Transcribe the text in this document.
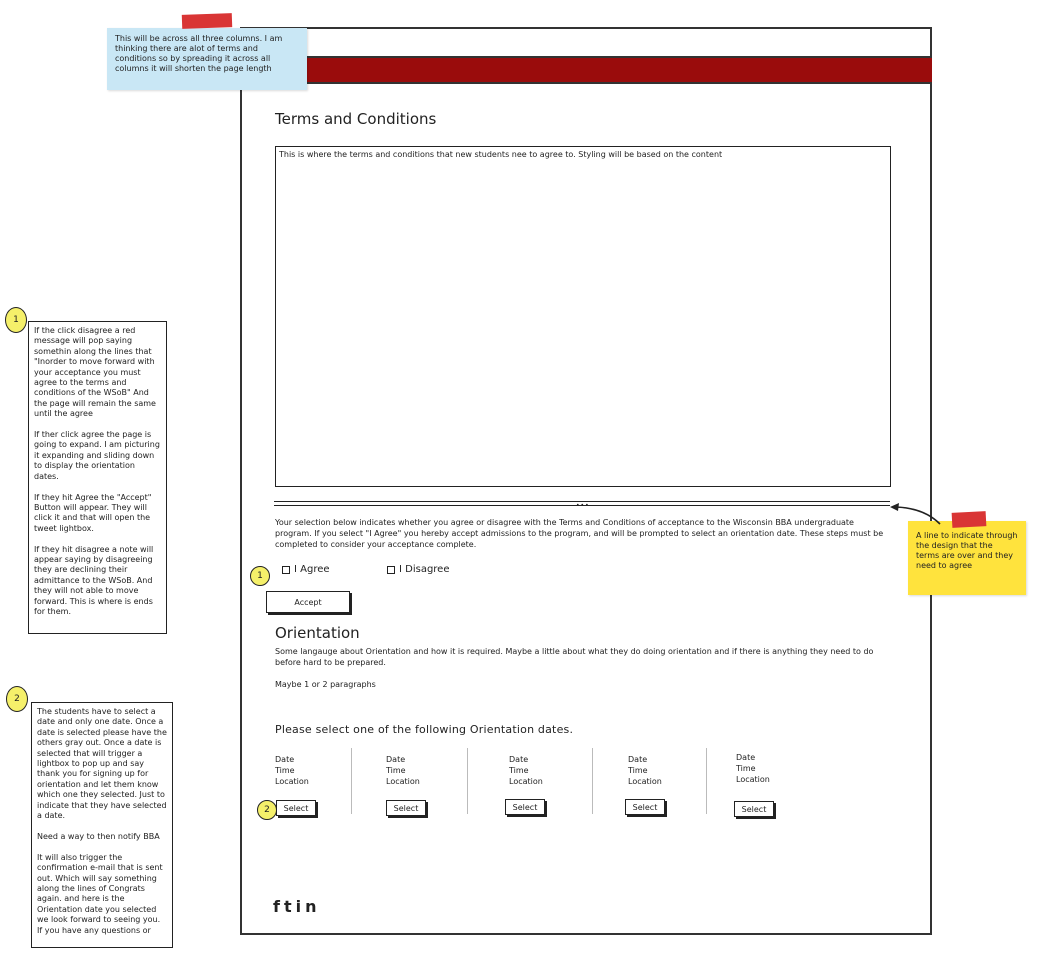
This will be across all three columns. I am thinking there are alot of terms and conditions so by spreading it across all columns it will shorten the page length
A line to indicate through the design that the terms are over and they need to agree
If the click disagree a red message will pop saying somethin along the lines that "Inorder to move forward with your acceptance you must agree to the terms and conditions of the WSoB" And the page will remain the same until the agree

If ther click agree the page is going to expand. I am picturing it expanding and sliding down to display the orientation dates.

If they hit Agree the "Accept" Button will appear. They will click it and that will open the tweet lightbox.

If they hit disagree a note will appear saying by disagreeing they are declining their admittance to the WSoB. And they will not able to move forward. This is where is ends for them.
1
The students have to select a date and only one date. Once a date is selected please have the others gray out. Once a date is selected that will trigger a lightbox to pop up and say thank you for signing up for orientation and let them know which one they selected. Just to indicate that they have selected a date.

Need a way to then notify BBA

It will also trigger the confirmation e-mail that is sent out. Which will say something along the lines of Congrats again. and here is the Orientation date you selected we look forward to seeing you. If you have any questions or
2
Terms and Conditions
This is where the terms and conditions that new students nee to agree to. Styling will be based on the content
•••
Your selection below indicates whether you agree or disagree with the Terms and Conditions of acceptance to the Wisconsin BBA undergraduate program. If you select "I Agree" you hereby accept admissions to the program, and will be prompted to select an orientation date. These steps must be completed to consider your acceptance complete.
1
I Agree	I Disagree
Accept
Orientation
Some langauge about Orientation and how it is required. Maybe a little about what they do doing orientation and if there is anything they need to do before hard to be prepared.
Maybe 1 or 2 paragraphs
Please select one of the following Orientation dates.
Date
Time
Location
Select
Date
Time
Location
Select
Date
Time
Location
Select
Date
Time
Location
Select
Date
Time
Location
Select
2
ftin
